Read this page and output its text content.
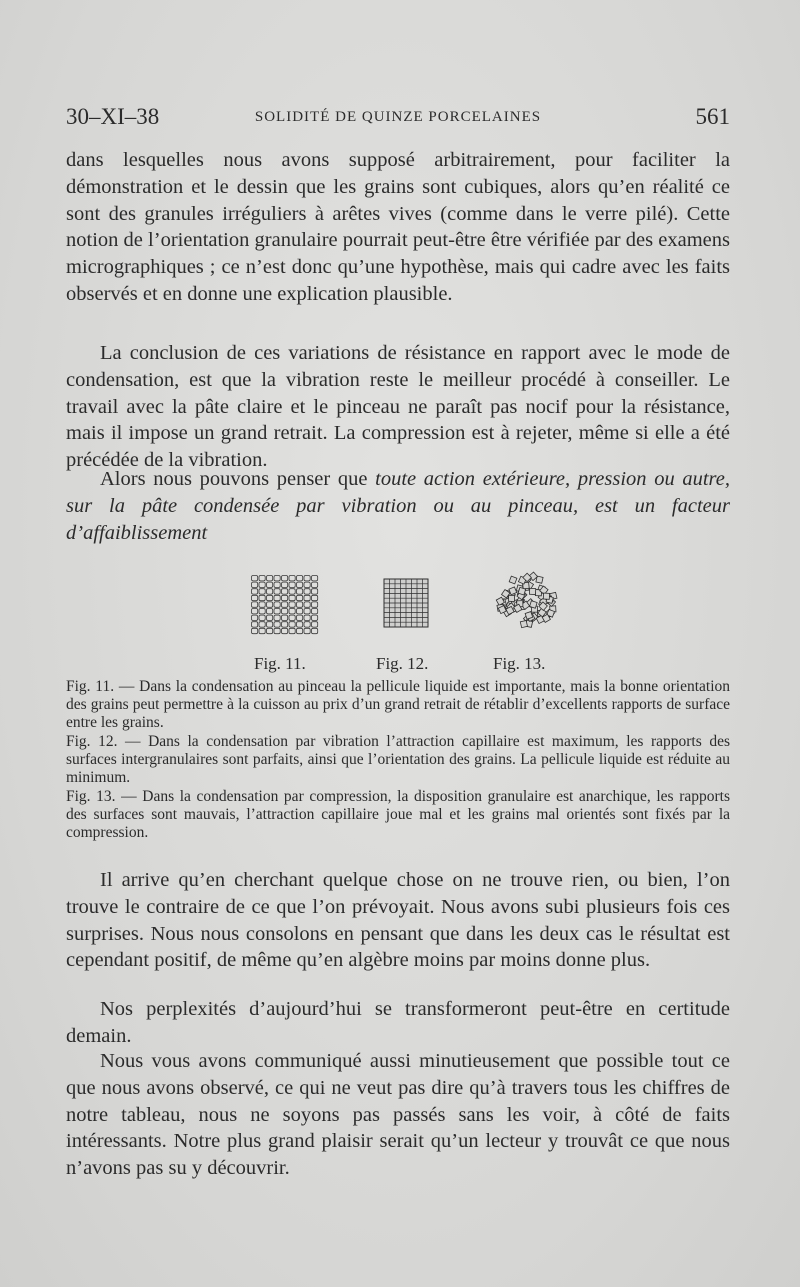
30–XI–38	SOLIDITÉ DE QUINZE PORCELAINES	561
dans lesquelles nous avons supposé arbitrairement, pour faciliter la démonstration et le dessin que les grains sont cubiques, alors qu’en réalité ce sont des granules irréguliers à arêtes vives (comme dans le verre pilé). Cette notion de l’orientation granulaire pourrait peut-être être vérifiée par des examens micrographiques ; ce n’est donc qu’une hypothèse, mais qui cadre avec les faits observés et en donne une explication plausible.
La conclusion de ces variations de résistance en rapport avec le mode de condensation, est que la vibration reste le meilleur procédé à conseiller. Le travail avec la pâte claire et le pinceau ne paraît pas nocif pour la résistance, mais il impose un grand retrait. La compression est à rejeter, même si elle a été précédée de la vibration.
Alors nous pouvons penser que toute action extérieure, pression ou autre, sur la pâte condensée par vibration ou au pinceau, est un facteur d’affaiblissement
Fig. 11.	Fig. 12.	Fig. 13.
Fig. 11. — Dans la condensation au pinceau la pellicule liquide est importante, mais la bonne orientation des grains peut permettre à la cuisson au prix d’un grand retrait de rétablir d’excellents rapports de surface entre les grains.
Fig. 12. — Dans la condensation par vibration l’attraction capillaire est maximum, les rapports des surfaces intergranulaires sont parfaits, ainsi que l’orientation des grains. La pellicule liquide est réduite au minimum.
Fig. 13. — Dans la condensation par compression, la disposition granulaire est anarchique, les rapports des surfaces sont mauvais, l’attraction capillaire joue mal et les grains mal orientés sont fixés par la compression.
Il arrive qu’en cherchant quelque chose on ne trouve rien, ou bien, l’on trouve le contraire de ce que l’on prévoyait. Nous avons subi plusieurs fois ces surprises. Nous nous consolons en pensant que dans les deux cas le résultat est cependant positif, de même qu’en algèbre moins par moins donne plus.
Nos perplexités d’aujourd’hui se transformeront peut-être en certitude demain.
Nous vous avons communiqué aussi minutieusement que possible tout ce que nous avons observé, ce qui ne veut pas dire qu’à travers tous les chiffres de notre tableau, nous ne soyons pas passés sans les voir, à côté de faits intéressants. Notre plus grand plaisir serait qu’un lecteur y trouvât ce que nous n’avons pas su y découvrir.
